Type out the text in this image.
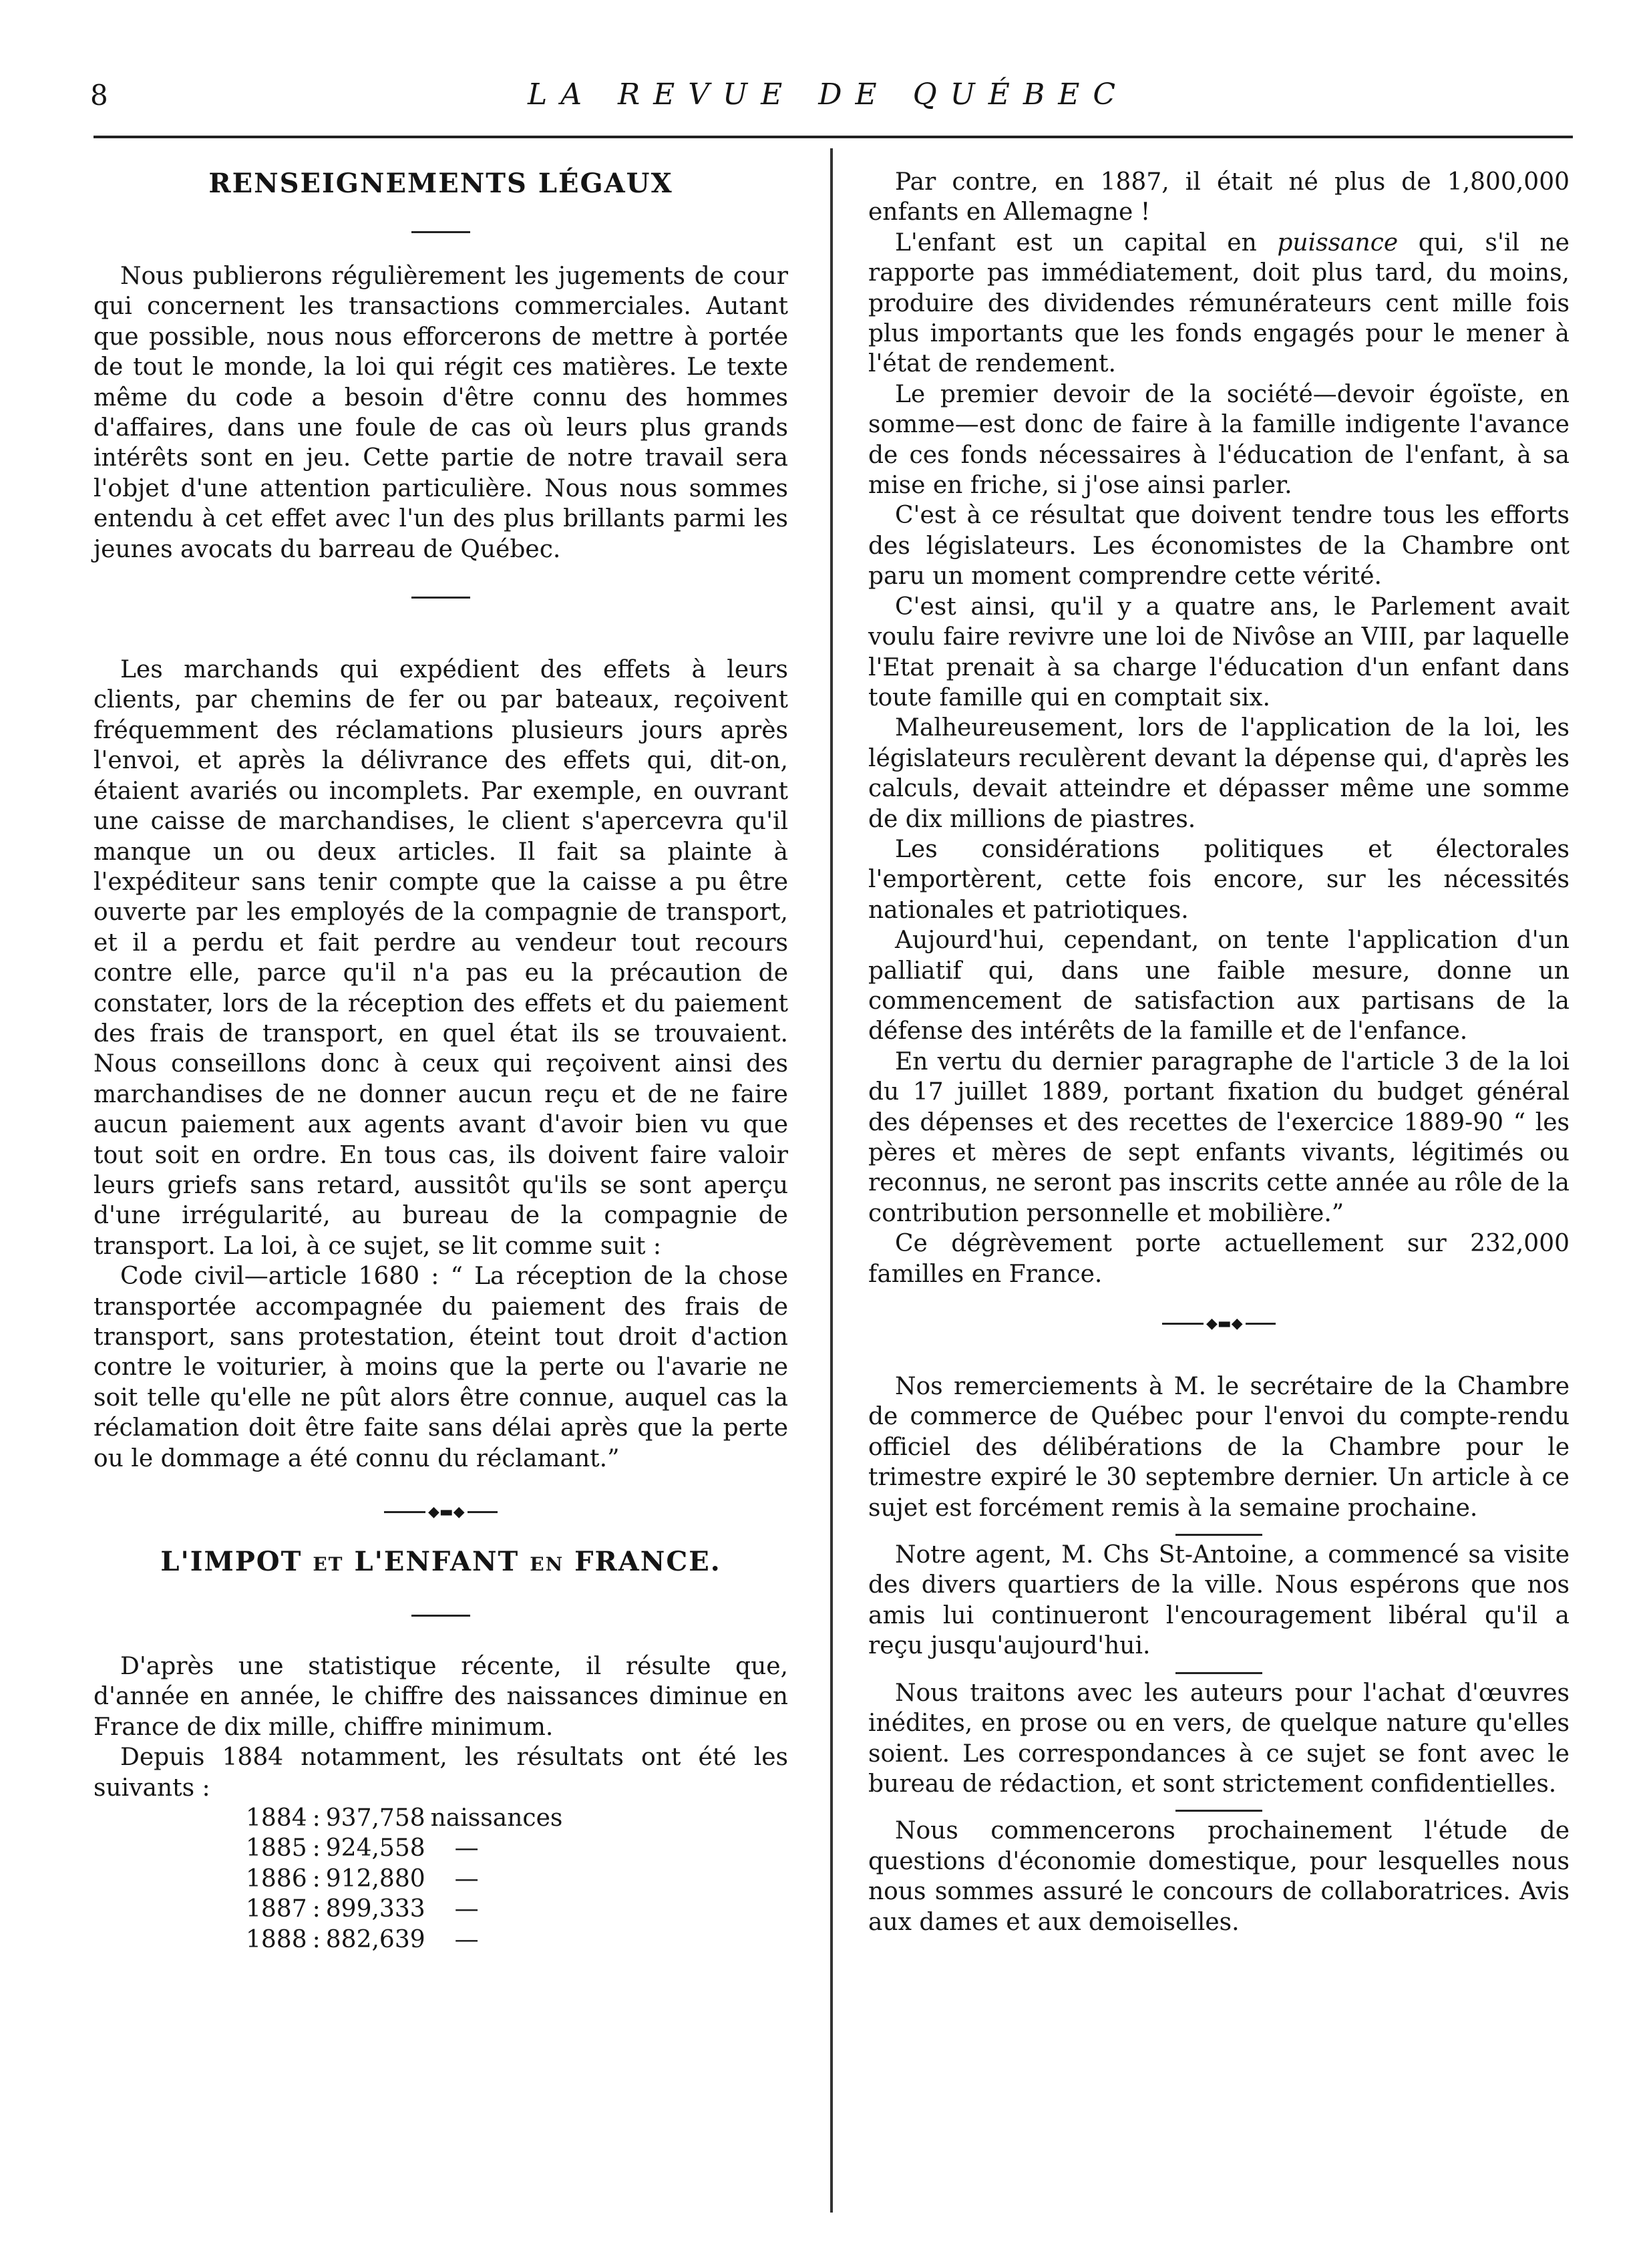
8	LA REVUE DE QUÉBEC
RENSEIGNEMENTS LÉGAUX

Nous publierons régulièrement les jugements de cour qui concernent les transactions commerciales. Autant que possible, nous nous efforcerons de mettre à portée de tout le monde, la loi qui régit ces matières. Le texte même du code a besoin d'être connu des hommes d'affaires, dans une foule de cas où leurs plus grands intérêts sont en jeu. Cette partie de notre travail sera l'objet d'une attention particulière. Nous nous sommes entendu à cet effet avec l'un des plus brillants parmi les jeunes avocats du barreau de Québec.

Les marchands qui expédient des effets à leurs clients, par chemins de fer ou par bateaux, reçoivent fréquemment des réclamations plusieurs jours après l'envoi, et après la délivrance des effets qui, dit-on, étaient avariés ou incomplets. Par exemple, en ouvrant une caisse de marchandises, le client s'apercevra qu'il manque un ou deux articles. Il fait sa plainte à l'expéditeur sans tenir compte que la caisse a pu être ouverte par les employés de la compagnie de transport, et il a perdu et fait perdre au vendeur tout recours contre elle, parce qu'il n'a pas eu la précaution de constater, lors de la réception des effets et du paiement des frais de transport, en quel état ils se trouvaient. Nous conseillons donc à ceux qui reçoivent ainsi des marchandises de ne donner aucun reçu et de ne faire aucun paiement aux agents avant d'avoir bien vu que tout soit en ordre. En tous cas, ils doivent faire valoir leurs griefs sans retard, aussitôt qu'ils se sont aperçu d'une irrégularité, au bureau de la compagnie de transport. La loi, à ce sujet, se lit comme suit :

Code civil—article 1680 : “ La réception de la chose transportée accompagnée du paiement des frais de transport, sans protestation, éteint tout droit d'action contre le voiturier, à moins que la perte ou l'avarie ne soit telle qu'elle ne pût alors être connue, auquel cas la réclamation doit être faite sans délai après que la perte ou le dommage a été connu du réclamant.”

◆▬◆
L'IMPOT ET L'ENFANT EN FRANCE.

D'après une statistique récente, il résulte que, d'année en année, le chiffre des naissances diminue en France de dix mille, chiffre minimum.

Depuis 1884 notamment, les résultats ont été les suivants :

1884	:	937,758	naissances
1885	:	924,558	—
1886	:	912,880	—
1887	:	899,333	—
1888	:	882,639	—

Par contre, en 1887, il était né plus de 1,800,000 enfants en Allemagne !

L'enfant est un capital en puissance qui, s'il ne rapporte pas immédiatement, doit plus tard, du moins, produire des dividendes rémunérateurs cent mille fois plus importants que les fonds engagés pour le mener à l'état de rendement.

Le premier devoir de la société—devoir égoïste, en somme—est donc de faire à la famille indigente l'avance de ces fonds nécessaires à l'éducation de l'enfant, à sa mise en friche, si j'ose ainsi parler.

C'est à ce résultat que doivent tendre tous les efforts des législateurs. Les économistes de la Chambre ont paru un moment comprendre cette vérité.

C'est ainsi, qu'il y a quatre ans, le Parlement avait voulu faire revivre une loi de Nivôse an VIII, par laquelle l'Etat prenait à sa charge l'éducation d'un enfant dans toute famille qui en comptait six.

Malheureusement, lors de l'application de la loi, les législateurs reculèrent devant la dépense qui, d'après les calculs, devait atteindre et dépasser même une somme de dix millions de piastres.

Les considérations politiques et électorales l'emportèrent, cette fois encore, sur les nécessités nationales et patriotiques.

Aujourd'hui, cependant, on tente l'application d'un palliatif qui, dans une faible mesure, donne un commencement de satisfaction aux partisans de la défense des intérêts de la famille et de l'enfance.

En vertu du dernier paragraphe de l'article 3 de la loi du 17 juillet 1889, portant fixation du budget général des dépenses et des recettes de l'exercice 1889-90 “ les pères et mères de sept enfants vivants, légitimés ou reconnus, ne seront pas inscrits cette année au rôle de la contribution personnelle et mobilière.”

Ce dégrèvement porte actuellement sur 232,000 familles en France.

◆▬◆

Nos remerciements à M. le secrétaire de la Chambre de commerce de Québec pour l'envoi du compte-rendu officiel des délibérations de la Chambre pour le trimestre expiré le 30 septembre dernier. Un article à ce sujet est forcément remis à la semaine prochaine.

Notre agent, M. Chs St-Antoine, a commencé sa visite des divers quartiers de la ville. Nous espérons que nos amis lui continueront l'encouragement libéral qu'il a reçu jusqu'aujourd'hui.

Nous traitons avec les auteurs pour l'achat d'œuvres inédites, en prose ou en vers, de quelque nature qu'elles soient. Les correspondances à ce sujet se font avec le bureau de rédaction, et sont strictement confidentielles.

Nous commencerons prochainement l'étude de questions d'économie domestique, pour lesquelles nous nous sommes assuré le concours de collaboratrices. Avis aux dames et aux demoiselles.
